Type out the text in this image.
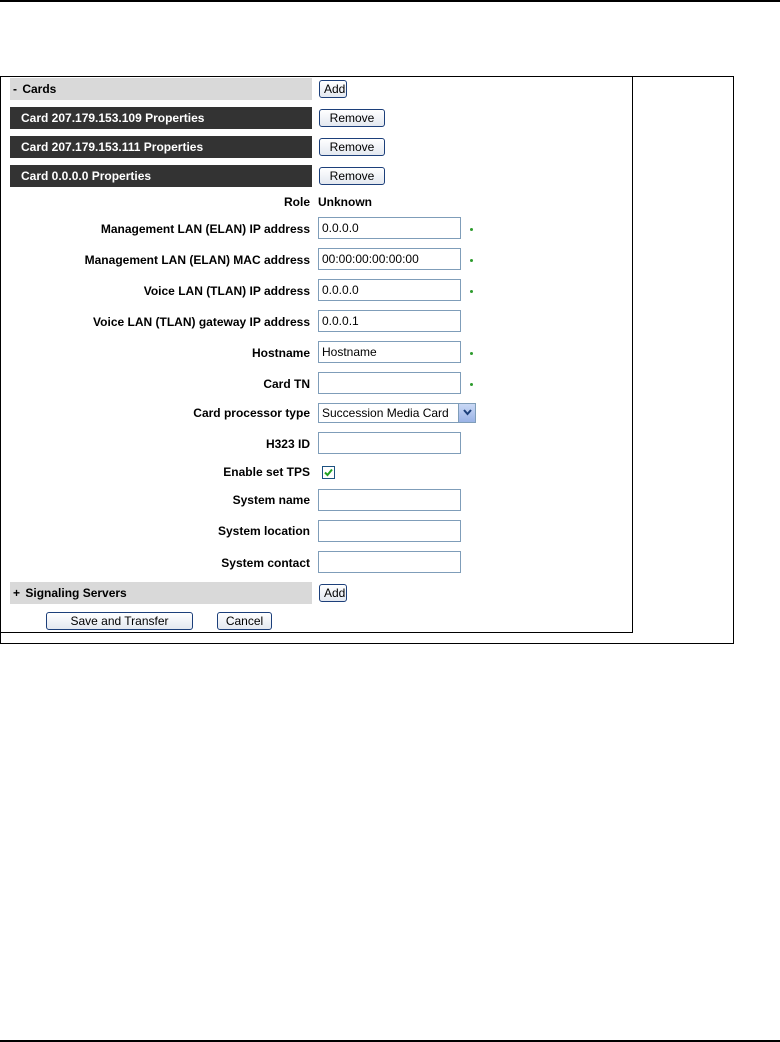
- Cards	Add
Card 207.179.153.109 Properties	Remove
Card 207.179.153.111 Properties	Remove
Card 0.0.0.0 Properties	Remove
Role Unknown
Management LAN (ELAN) IP address	0.0.0.0
Management LAN (ELAN) MAC address	00:00:00:00:00:00
Voice LAN (TLAN) IP address	0.0.0.0
Voice LAN (TLAN) gateway IP address	0.0.0.1
Hostname	Hostname
Card TN
Card processor type	Succession Media Card
H323 ID
Enable set TPS
System name
System location
System contact
+ Signaling Servers	Add
Save and Transfer	Cancel
